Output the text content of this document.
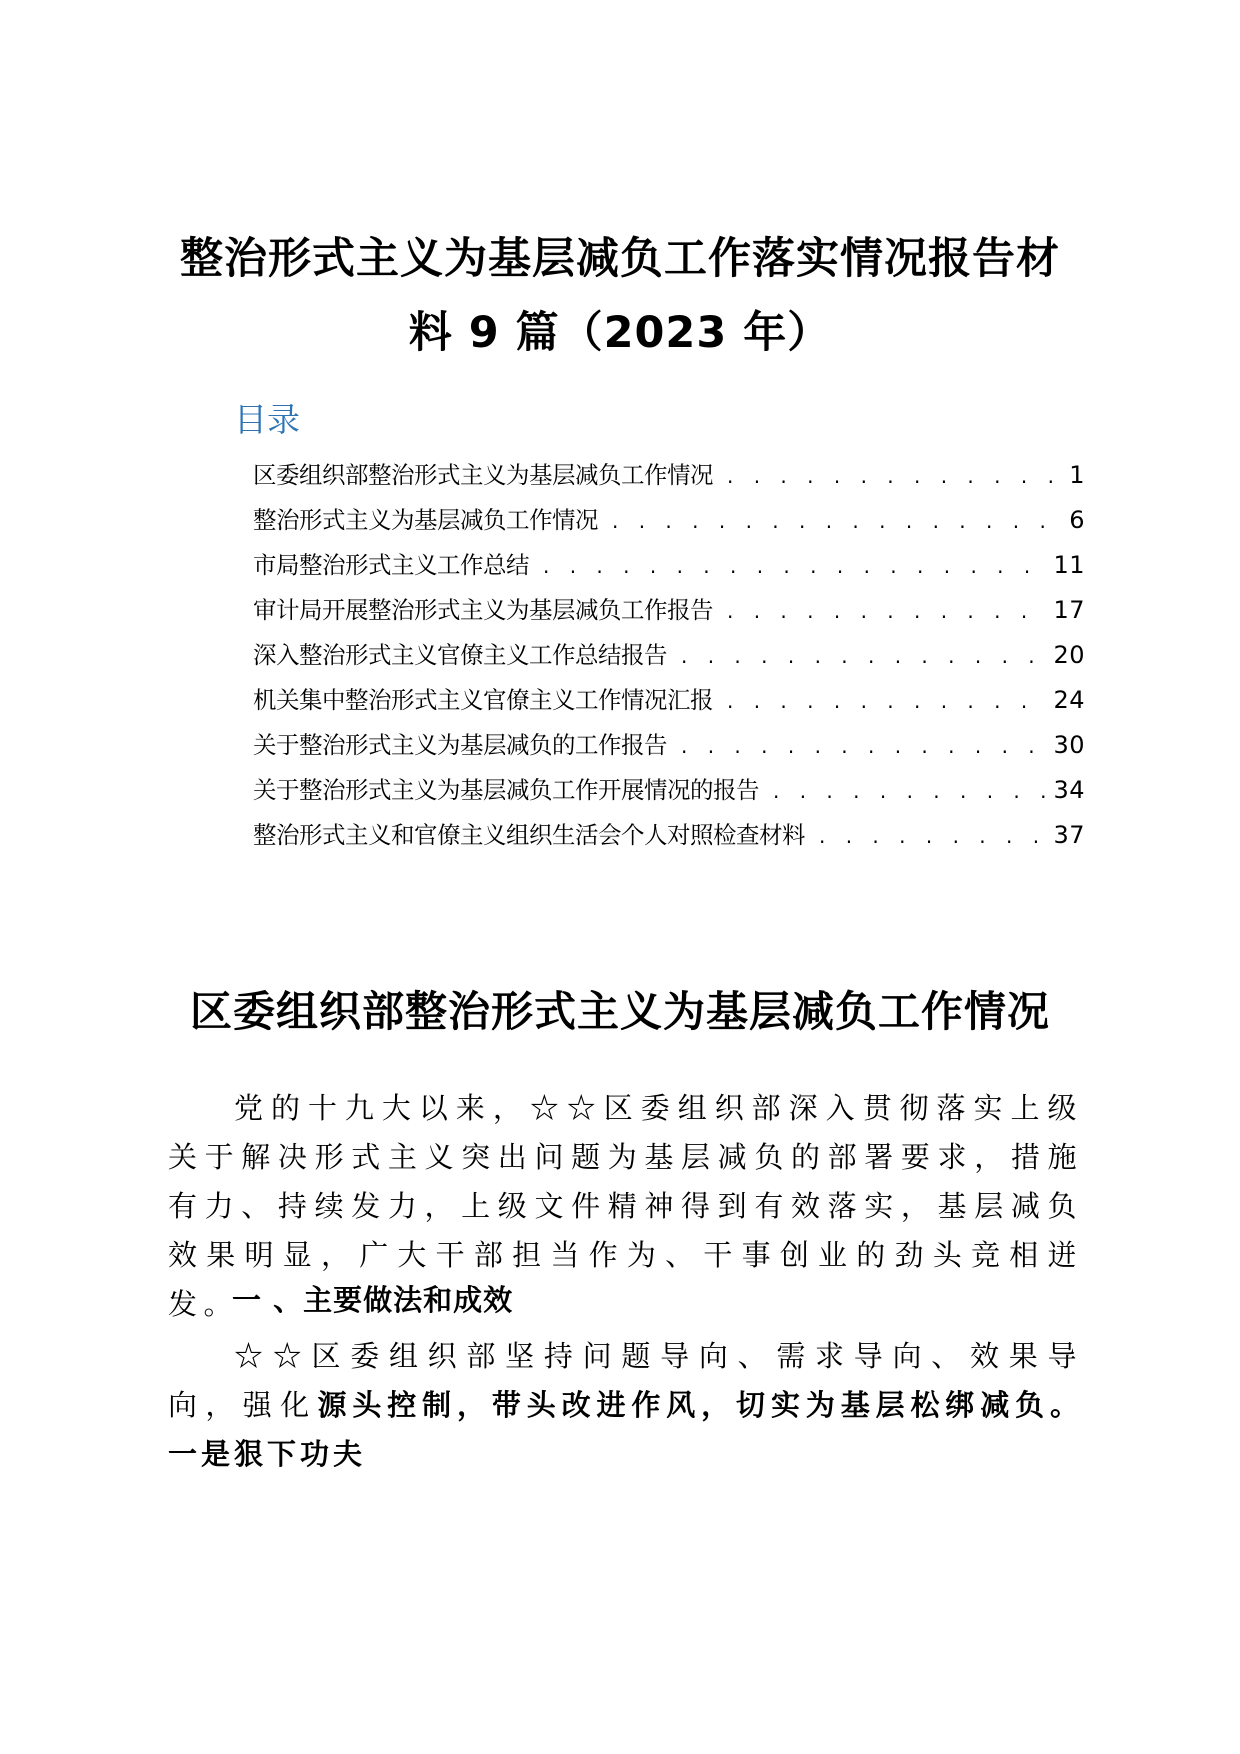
整治形式主义为基层减负工作落实情况报告材
料 9 篇（2023 年）
目录
区委组织部整治形式主义为基层减负工作情况 . . .	1
整治形式主义为基层减负工作情况 . . .	6
市局整治形式主义工作总结 . . .	11
审计局开展整治形式主义为基层减负工作报告 . . .	17
深入整治形式主义官僚主义工作总结报告 . . .	20
机关集中整治形式主义官僚主义工作情况汇报 . . .	24
关于整治形式主义为基层减负的工作报告 . . .	30
关于整治形式主义为基层减负工作开展情况的报告 . . .	34
整治形式主义和官僚主义组织生活会个人对照检查材料 . . .	37
区委组织部整治形式主义为基层减负工作情况

党的十九大以来，☆☆区委组织部深入贯彻落实上级关于解决形式主义突出问题为基层减负的部署要求，措施有力、持续发力，上级文件精神得到有效落实，基层减负效果明显，广大干部担当作为、干事创业的劲头竞相迸发。

一 、主要做法和成效

☆☆区委组织部坚持问题导向、需求导向、效果导向，强化源头控制，带头改进作风，切实为基层松绑减负。 一是狠下功夫
